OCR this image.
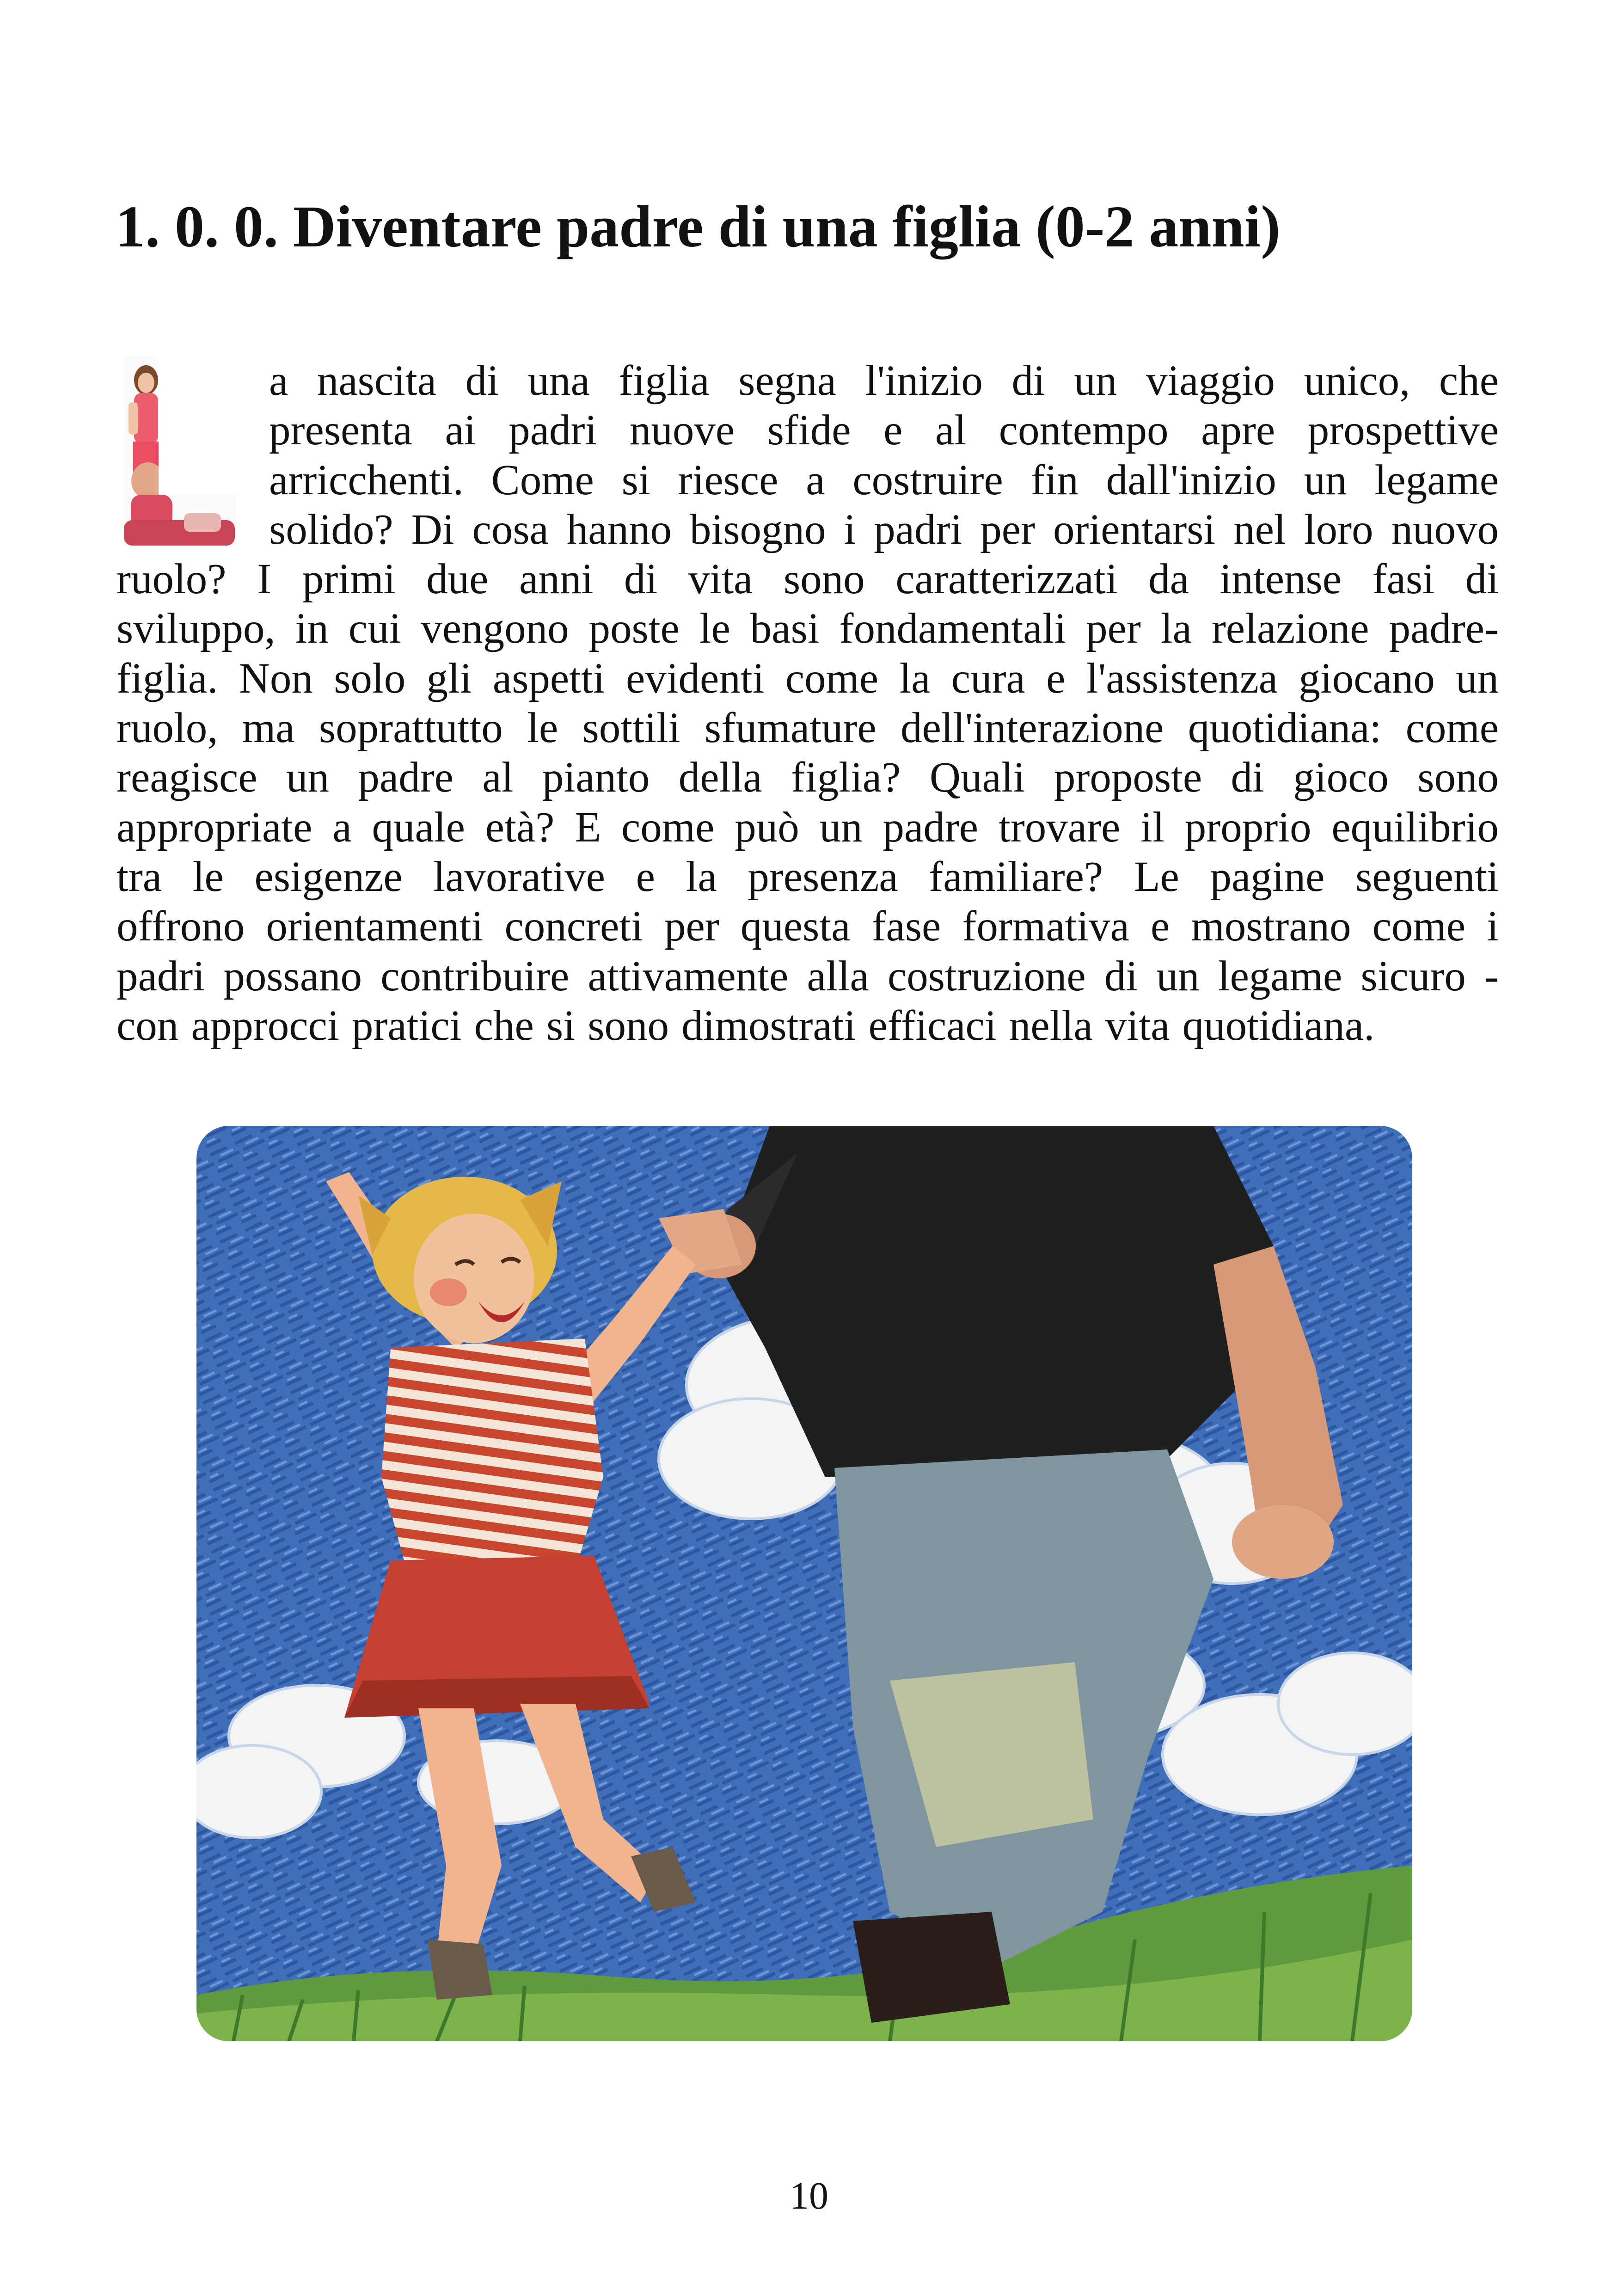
1. 0. 0. Diventare padre di una figlia (0-2 anni)
a nascita di una figlia segna l'inizio di un viaggio unico, che
presenta ai padri nuove sfide e al contempo apre prospettive
arricchenti. Come si riesce a costruire fin dall'inizio un legame
solido? Di cosa hanno bisogno i padri per orientarsi nel loro nuovo
ruolo? I primi due anni di vita sono caratterizzati da intense fasi di
sviluppo, in cui vengono poste le basi fondamentali per la relazione padre-
figlia. Non solo gli aspetti evidenti come la cura e l'assistenza giocano un
ruolo, ma soprattutto le sottili sfumature dell'interazione quotidiana: come
reagisce un padre al pianto della figlia? Quali proposte di gioco sono
appropriate a quale età? E come può un padre trovare il proprio equilibrio
tra le esigenze lavorative e la presenza familiare? Le pagine seguenti
offrono orientamenti concreti per questa fase formativa e mostrano come i
padri possano contribuire attivamente alla costruzione di un legame sicuro -
con approcci pratici che si sono dimostrati efficaci nella vita quotidiana.
10
